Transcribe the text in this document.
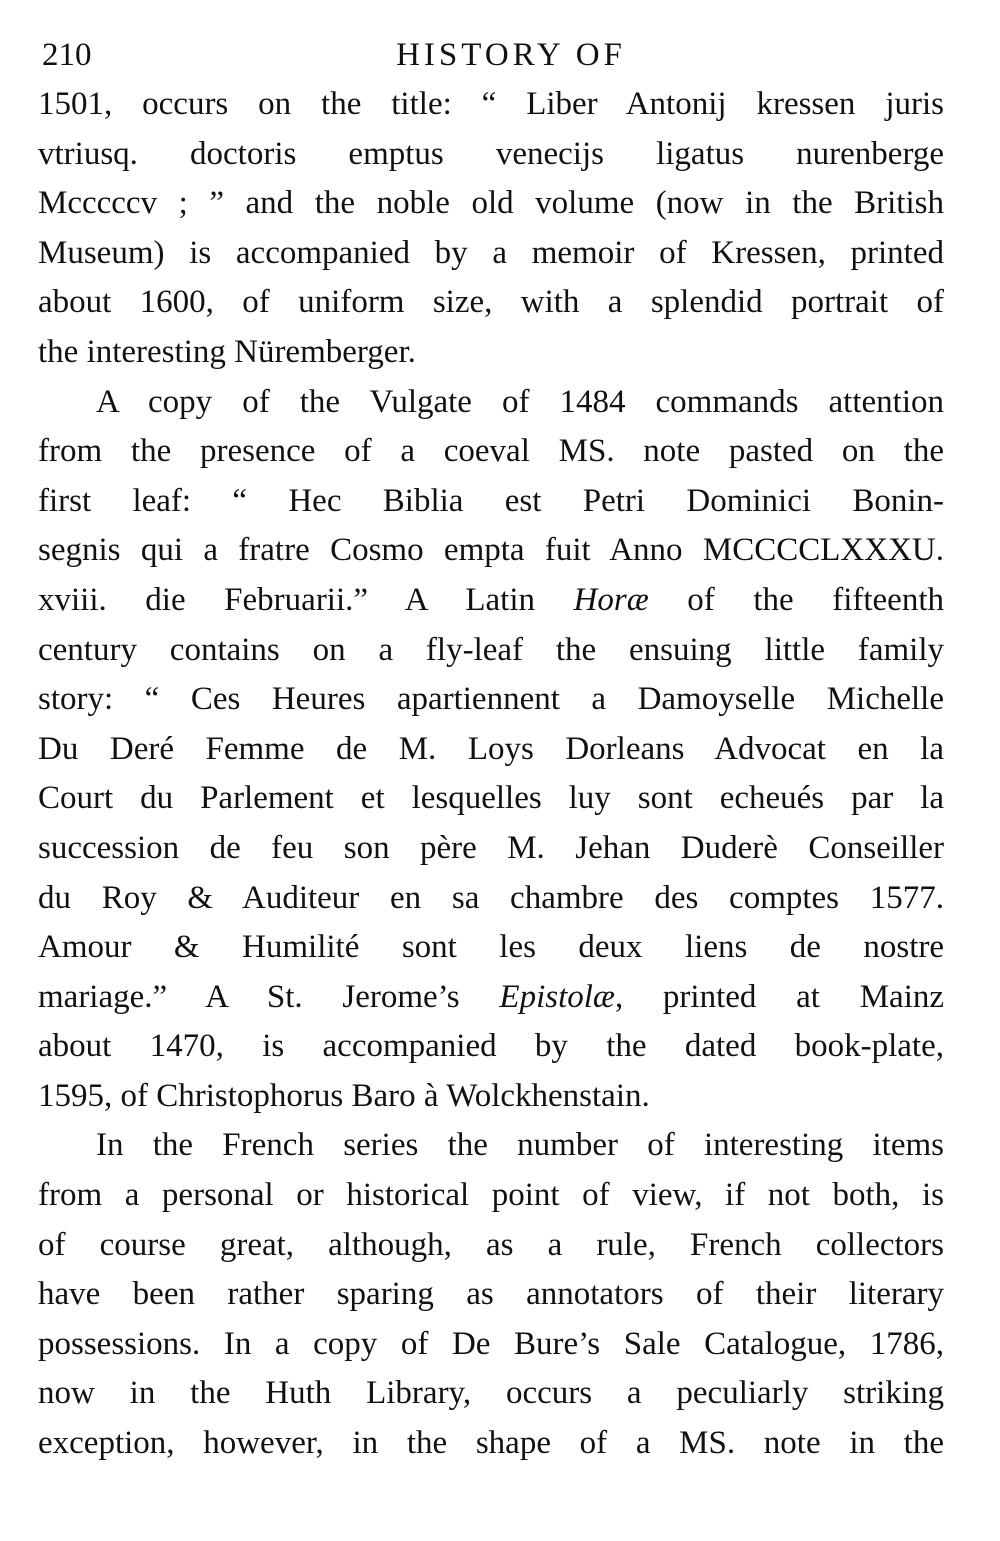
210	HISTORY OF
1501, occurs on the title: “ Liber Antonij kressen juris
vtriusq. doctoris emptus venecijs ligatus nurenberge
Mcccccv ; ” and the noble old volume (now in the British
Museum) is accompanied by a memoir of Kressen, printed
about 1600, of uniform size, with a splendid portrait of
the interesting Nüremberger.
A copy of the Vulgate of 1484 commands attention
from the presence of a coeval MS. note pasted on the
first leaf: “ Hec Biblia est Petri Dominici Bonin-
segnis qui a fratre Cosmo empta fuit Anno MCCCCLXXXU.
xviii. die Februarii.” A Latin Horæ of the fifteenth
century contains on a fly-leaf the ensuing little family
story: “ Ces Heures apartiennent a Damoyselle Michelle
Du Deré Femme de M. Loys Dorleans Advocat en la
Court du Parlement et lesquelles luy sont echeués par la
succession de feu son père M. Jehan Duderè Conseiller
du Roy & Auditeur en sa chambre des comptes 1577.
Amour & Humilité sont les deux liens de nostre
mariage.” A St. Jerome’s Epistolæ, printed at Mainz
about 1470, is accompanied by the dated book-plate,
1595, of Christophorus Baro à Wolckhenstain.
In the French series the number of interesting items
from a personal or historical point of view, if not both, is
of course great, although, as a rule, French collectors
have been rather sparing as annotators of their literary
possessions. In a copy of De Bure’s Sale Catalogue, 1786,
now in the Huth Library, occurs a peculiarly striking
exception, however, in the shape of a MS. note in the
